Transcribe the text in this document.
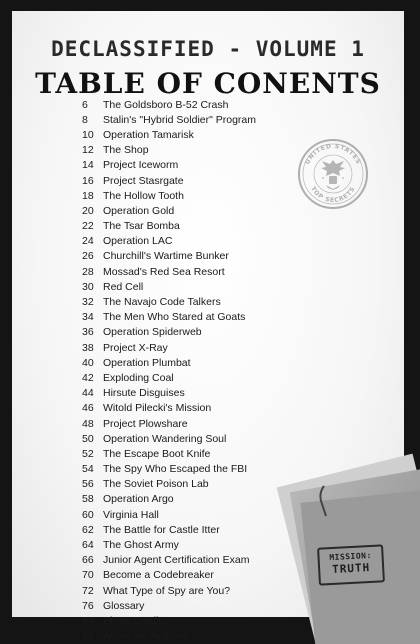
DECLASSIFIED - VOLUME 1
TABLE OF CONENTS
6	The Goldsboro B-52 Crash
8	Stalin's "Hybrid Soldier" Program
10 Operation Tamarisk
12 The Shop
14 Project Iceworm
16 Project Stasrgate
18 The Hollow Tooth
20 Operation Gold
22 The Tsar Bomba
24 Operation LAC
26 Churchill's Wartime Bunker
28 Mossad's Red Sea Resort
30 Red Cell
32 The Navajo Code Talkers
34 The Men Who Stared at Goats
36 Operation Spiderweb
38 Project X-Ray
40 Operation Plumbat
42 Exploding Coal
44 Hirsute Disguises
46 Witold Pilecki's Mission
48 Project Plowshare
50 Operation Wandering Soul
52 The Escape Boot Knife
54 The Spy Who Escaped the FBI
56 The Soviet Poison Lab
58 Operation Argo
60 Virginia Hall
62 The Battle for Castle Itter
64 The Ghost Army
66 Junior Agent Certification Exam
70 Become a Codebreaker
72 What Type of Spy are You?
76 Glossary
84 Photo Credits
92 About the Authors
UNITED STATES
TOP SECRETS
MISSION:
TRUTH
